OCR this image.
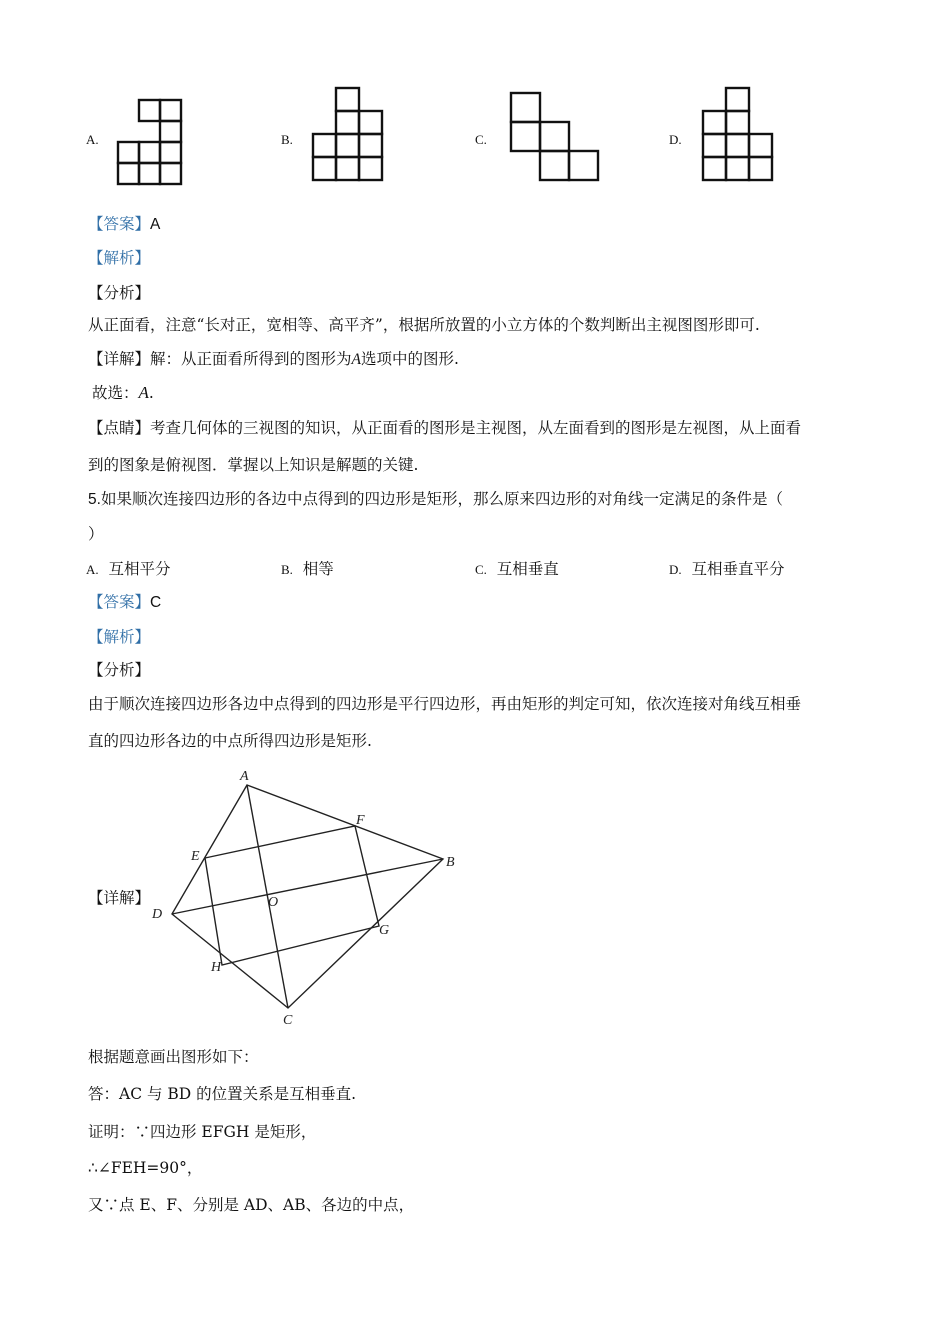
A.	B.	C.	D.
【答案】A
【解析】
【分析】
从正面看，注意“长对正，宽相等、高平齐”，根据所放置的小立方体的个数判断出主视图图形即可.
【详解】解：从正面看所得到的图形为A选项中的图形.
故选：A.
【点睛】考查几何体的三视图的知识，从正面看的图形是主视图，从左面看到的图形是左视图，从上面看
到的图象是俯视图．掌握以上知识是解题的关键.
5.如果顺次连接四边形的各边中点得到的四边形是矩形，那么原来四边形的对角线一定满足的条件是（
）
A. 互相平分	B. 相等	C. 互相垂直	D. 互相垂直平分
【答案】C
【解析】
【分析】
由于顺次连接四边形各边中点得到的四边形是平行四边形，再由矩形的判定可知，依次连接对角线互相垂
直的四边形各边的中点所得四边形是矩形.
【详解】
A
B
C
D
E
F
G
H
O
根据题意画出图形如下：
答：AC 与 BD 的位置关系是互相垂直.
证明：∵四边形 EFGH 是矩形，
∴∠FEH=90°，
又∵点 E、F、分别是 AD、AB、各边的中点，
